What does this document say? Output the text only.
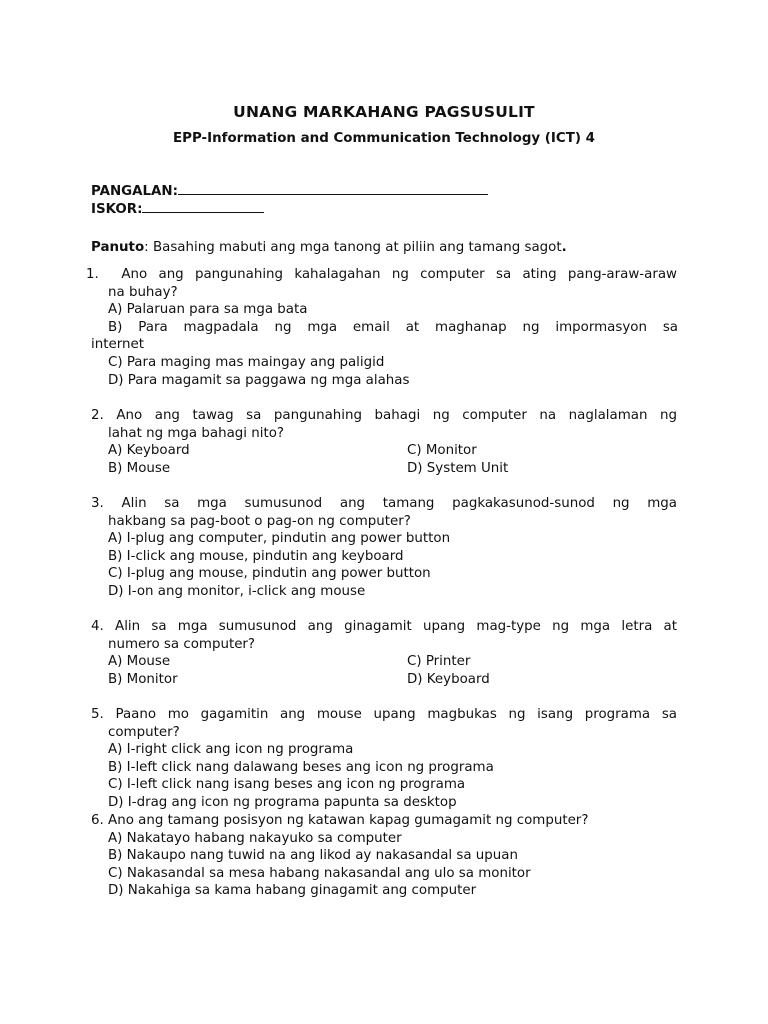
UNANG MARKAHANG PAGSUSULIT
EPP-Information and Communication Technology (ICT) 4
PANGALAN:
ISKOR:
Panuto: Basahing mabuti ang mga tanong at piliin ang tamang sagot.
1. Ano ang pangunahing kahalagahan ng computer sa ating pang-araw-araw
na buhay?
A) Palaruan para sa mga bata
B) Para magpadala ng mga email at maghanap ng impormasyon sa
internet
C) Para maging mas maingay ang paligid
D) Para magamit sa paggawa ng mga alahas
2. Ano ang tawag sa pangunahing bahagi ng computer na naglalaman ng
lahat ng mga bahagi nito?
A) Keyboard	C) Monitor
B) Mouse	D) System Unit
3. Alin sa mga sumusunod ang tamang pagkakasunod-sunod ng mga
hakbang sa pag-boot o pag-on ng computer?
A) I-plug ang computer, pindutin ang power button
B) I-click ang mouse, pindutin ang keyboard
C) I-plug ang mouse, pindutin ang power button
D) I-on ang monitor, i-click ang mouse
4. Alin sa mga sumusunod ang ginagamit upang mag-type ng mga letra at
numero sa computer?
A) Mouse	C) Printer
B) Monitor	D) Keyboard
5. Paano mo gagamitin ang mouse upang magbukas ng isang programa sa
computer?
A) I-right click ang icon ng programa
B) I-left click nang dalawang beses ang icon ng programa
C) I-left click nang isang beses ang icon ng programa
D) I-drag ang icon ng programa papunta sa desktop
6. Ano ang tamang posisyon ng katawan kapag gumagamit ng computer?
A) Nakatayo habang nakayuko sa computer
B) Nakaupo nang tuwid na ang likod ay nakasandal sa upuan
C) Nakasandal sa mesa habang nakasandal ang ulo sa monitor
D) Nakahiga sa kama habang ginagamit ang computer
